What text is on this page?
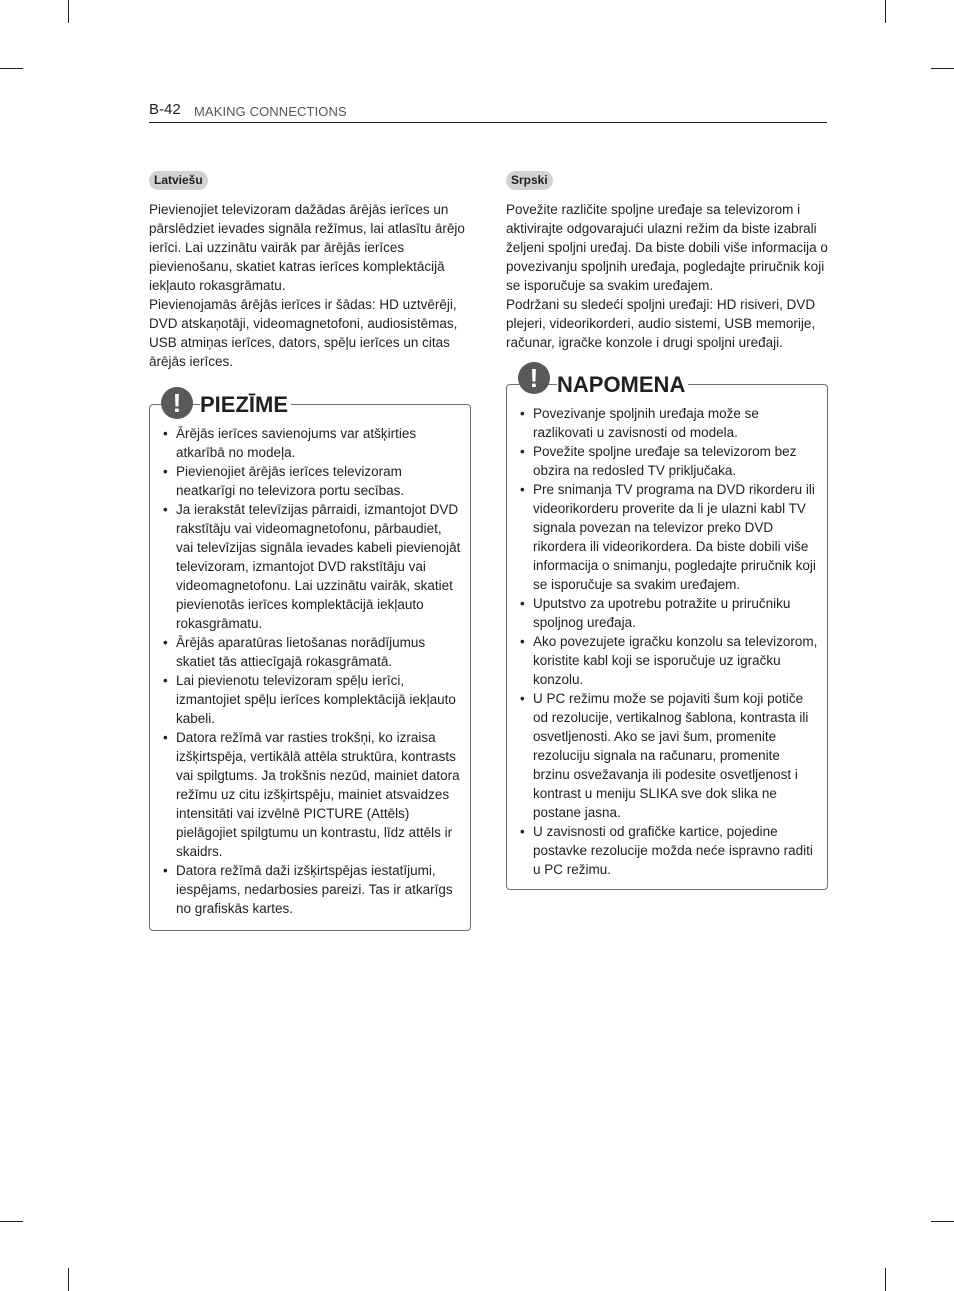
B-42 MAKING CONNECTIONS
Latviešu

Pievienojiet televizoram dažādas ārējās ierīces un pārslēdziet ievades signāla režīmus, lai atlasītu ārējo ierīci. Lai uzzinātu vairāk par ārējās ierīces pievienošanu, skatiet katras ierīces komplektācijā iekļauto rokasgrāmatu.

Pievienojamās ārējās ierīces ir šādas: HD uztvērēji, DVD atskaņotāji, videomagnetofoni, audiosistēmas, USB atmiņas ierīces, dators, spēļu ierīces un citas ārējās ierīces.

! PIEZĪME
• Ārējās ierīces savienojums var atšķirties atkarībā no modeļa.
• Pievienojiet ārējās ierīces televizoram neatkarīgi no televizora portu secības.
• Ja ierakstāt televīzijas pārraidi, izmantojot DVD rakstītāju vai videomagnetofonu, pārbaudiet, vai televīzijas signāla ievades kabeli pievienojāt televizoram, izmantojot DVD rakstītāju vai videomagnetofonu. Lai uzzinātu vairāk, skatiet pievienotās ierīces komplektācijā iekļauto rokasgrāmatu.
• Ārējās aparatūras lietošanas norādījumus skatiet tās attiecīgajā rokasgrāmatā.
• Lai pievienotu televizoram spēļu ierīci, izmantojiet spēļu ierīces komplektācijā iekļauto kabeli.
• Datora režīmā var rasties trokšņi, ko izraisa izšķirtspēja, vertikālā attēla struktūra, kontrasts vai spilgtums. Ja trokšnis nezūd, mainiet datora režīmu uz citu izšķirtspēju, mainiet atsvaidzes intensitāti vai izvēlnē PICTURE (Attēls) pielāgojiet spilgtumu un kontrastu, līdz attēls ir skaidrs.
• Datora režīmā daži izšķirtspējas iestatījumi, iespējams, nedarbosies pareizi. Tas ir atkarīgs no grafiskās kartes.
Srpski

Povežite različite spoljne uređaje sa televizorom i aktivirajte odgovarajući ulazni režim da biste izabrali željeni spoljni uređaj. Da biste dobili više informacija o povezivanju spoljnih uređaja, pogledajte priručnik koji se isporučuje sa svakim uređajem.

Podržani su sledeći spoljni uređaji: HD risiveri, DVD plejeri, videorikorderi, audio sistemi, USB memorije, računar, igračke konzole i drugi spoljni uređaji.

! NAPOMENA
• Povezivanje spoljnih uređaja može se razlikovati u zavisnosti od modela.
• Povežite spoljne uređaje sa televizorom bez obzira na redosled TV priključaka.
• Pre snimanja TV programa na DVD rikorderu ili videorikorderu proverite da li je ulazni kabl TV signala povezan na televizor preko DVD rikordera ili videorikordera. Da biste dobili više informacija o snimanju, pogledajte priručnik koji se isporučuje sa svakim uređajem.
• Uputstvo za upotrebu potražite u priručniku spoljnog uređaja.
• Ako povezujete igračku konzolu sa televizorom, koristite kabl koji se isporučuje uz igračku konzolu.
• U PC režimu može se pojaviti šum koji potiče od rezolucije, vertikalnog šablona, kontrasta ili osvetljenosti. Ako se javi šum, promenite rezoluciju signala na računaru, promenite brzinu osvežavanja ili podesite osvetljenost i kontrast u meniju SLIKA sve dok slika ne postane jasna.
• U zavisnosti od grafičke kartice, pojedine postavke rezolucije možda neće ispravno raditi u PC režimu.
